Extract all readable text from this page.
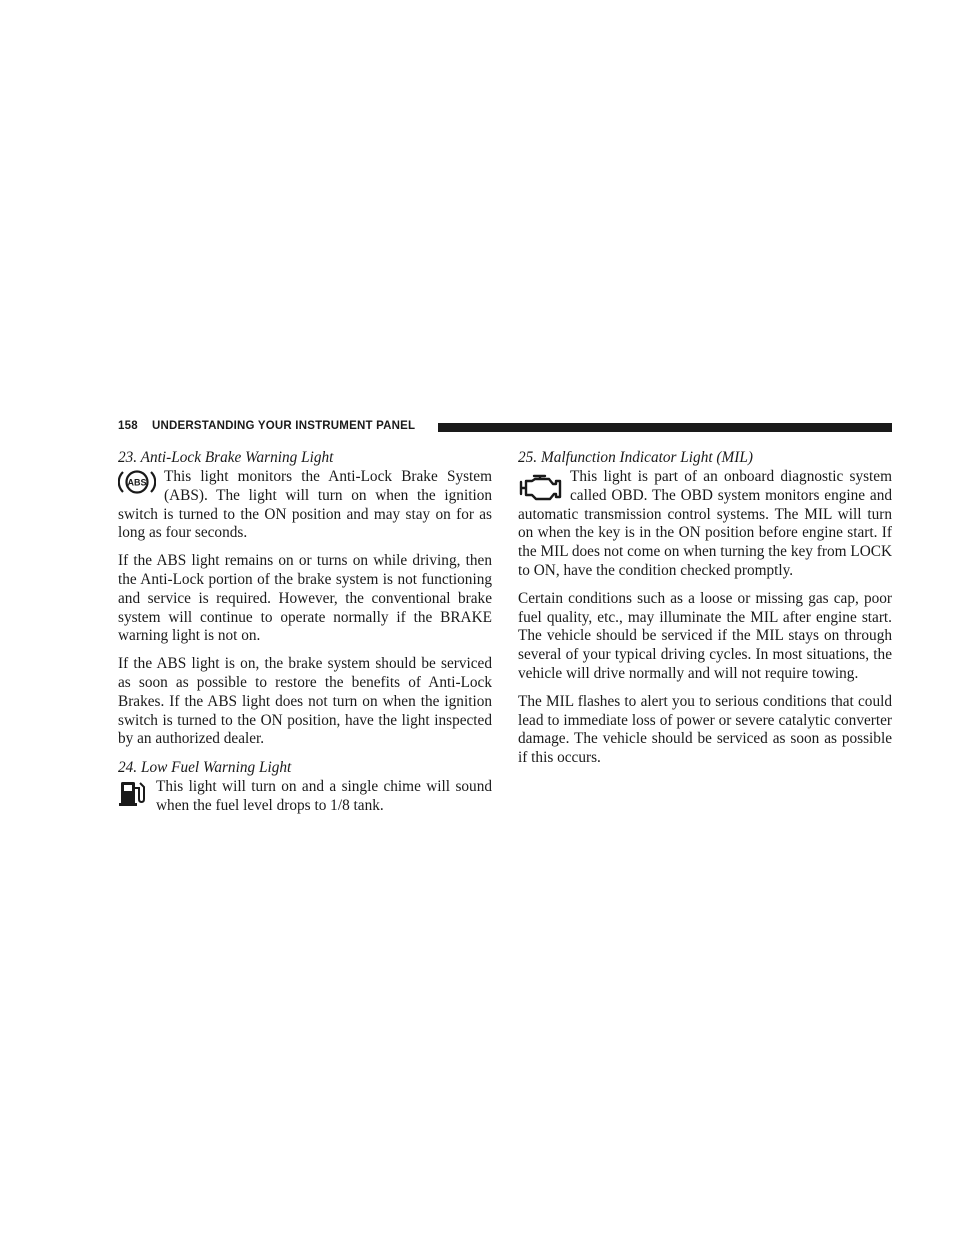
158 UNDERSTANDING YOUR INSTRUMENT PANEL
23. Anti-Lock Brake Warning Light
ABS	This light monitors the Anti-Lock Brake System (ABS). The light will turn on when the ignition switch is turned to the ON position and may stay on for as long as four seconds.

If the ABS light remains on or turns on while driving, then the Anti-Lock portion of the brake system is not functioning and service is required. However, the conventional brake system will continue to operate normally if the BRAKE warning light is not on.

If the ABS light is on, the brake system should be serviced as soon as possible to restore the benefits of Anti-Lock Brakes. If the ABS light does not turn on when the ignition switch is turned to the ON position, have the light inspected by an authorized dealer.

24. Low Fuel Warning Light

This light will turn on and a single chime will sound when the fuel level drops to 1/8 tank.

25. Malfunction Indicator Light (MIL)

This light is part of an onboard diagnostic system called OBD. The OBD system monitors engine and automatic transmission control systems. The MIL will turn on when the key is in the ON position before engine start. If the MIL does not come on when turning the key from LOCK to ON, have the condition checked promptly.

Certain conditions such as a loose or missing gas cap, poor fuel quality, etc., may illuminate the MIL after engine start. The vehicle should be serviced if the MIL stays on through several of your typical driving cycles. In most situations, the vehicle will drive normally and will not require towing.

The MIL flashes to alert you to serious conditions that could lead to immediate loss of power or severe catalytic converter damage. The vehicle should be serviced as soon as possible if this occurs.
